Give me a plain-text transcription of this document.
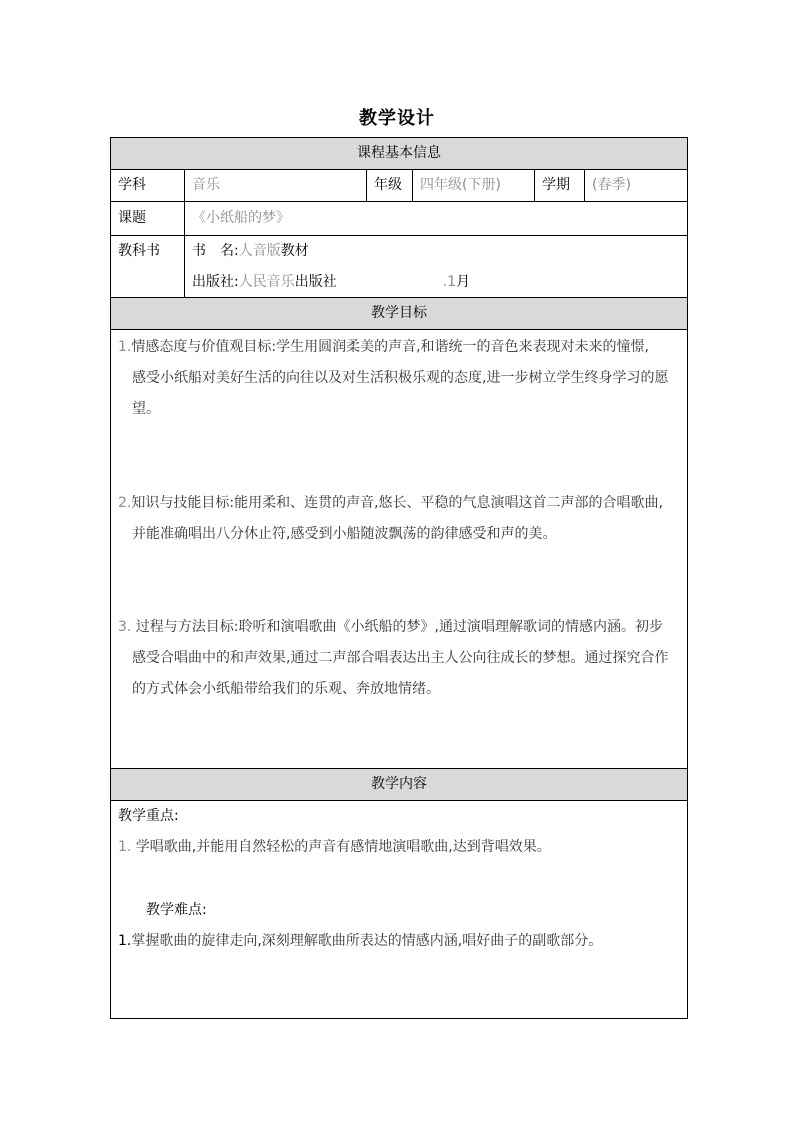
教学设计
课程基本信息
学科	音乐	年级	四年级(下册)	学期	(春季)
课题	《小纸船的梦》
教科书	书　名:人音版教材
出版社:人民音乐出版社	.1月
教学目标
1.情感态度与价值观目标:学生用圆润柔美的声音,和谐统一的音色来表现对未来的憧憬,
感受小纸船对美好生活的向往以及对生活积极乐观的态度,进一步树立学生终身学习的愿
望。
2.知识与技能目标:能用柔和、连贯的声音,悠长、平稳的气息演唱这首二声部的合唱歌曲,
并能准确唱出八分休止符,感受到小船随波飘荡的韵律感受和声的美。
3. 过程与方法目标:聆听和演唱歌曲《小纸船的梦》,通过演唱理解歌词的情感内涵。初步
感受合唱曲中的和声效果,通过二声部合唱表达出主人公向往成长的梦想。通过探究合作
的方式体会小纸船带给我们的乐观、奔放地情绪。
教学内容
教学重点:
1. 学唱歌曲,并能用自然轻松的声音有感情地演唱歌曲,达到背唱效果。
教学难点:
1.掌握歌曲的旋律走向,深刻理解歌曲所表达的情感内涵,唱好曲子的副歌部分。
